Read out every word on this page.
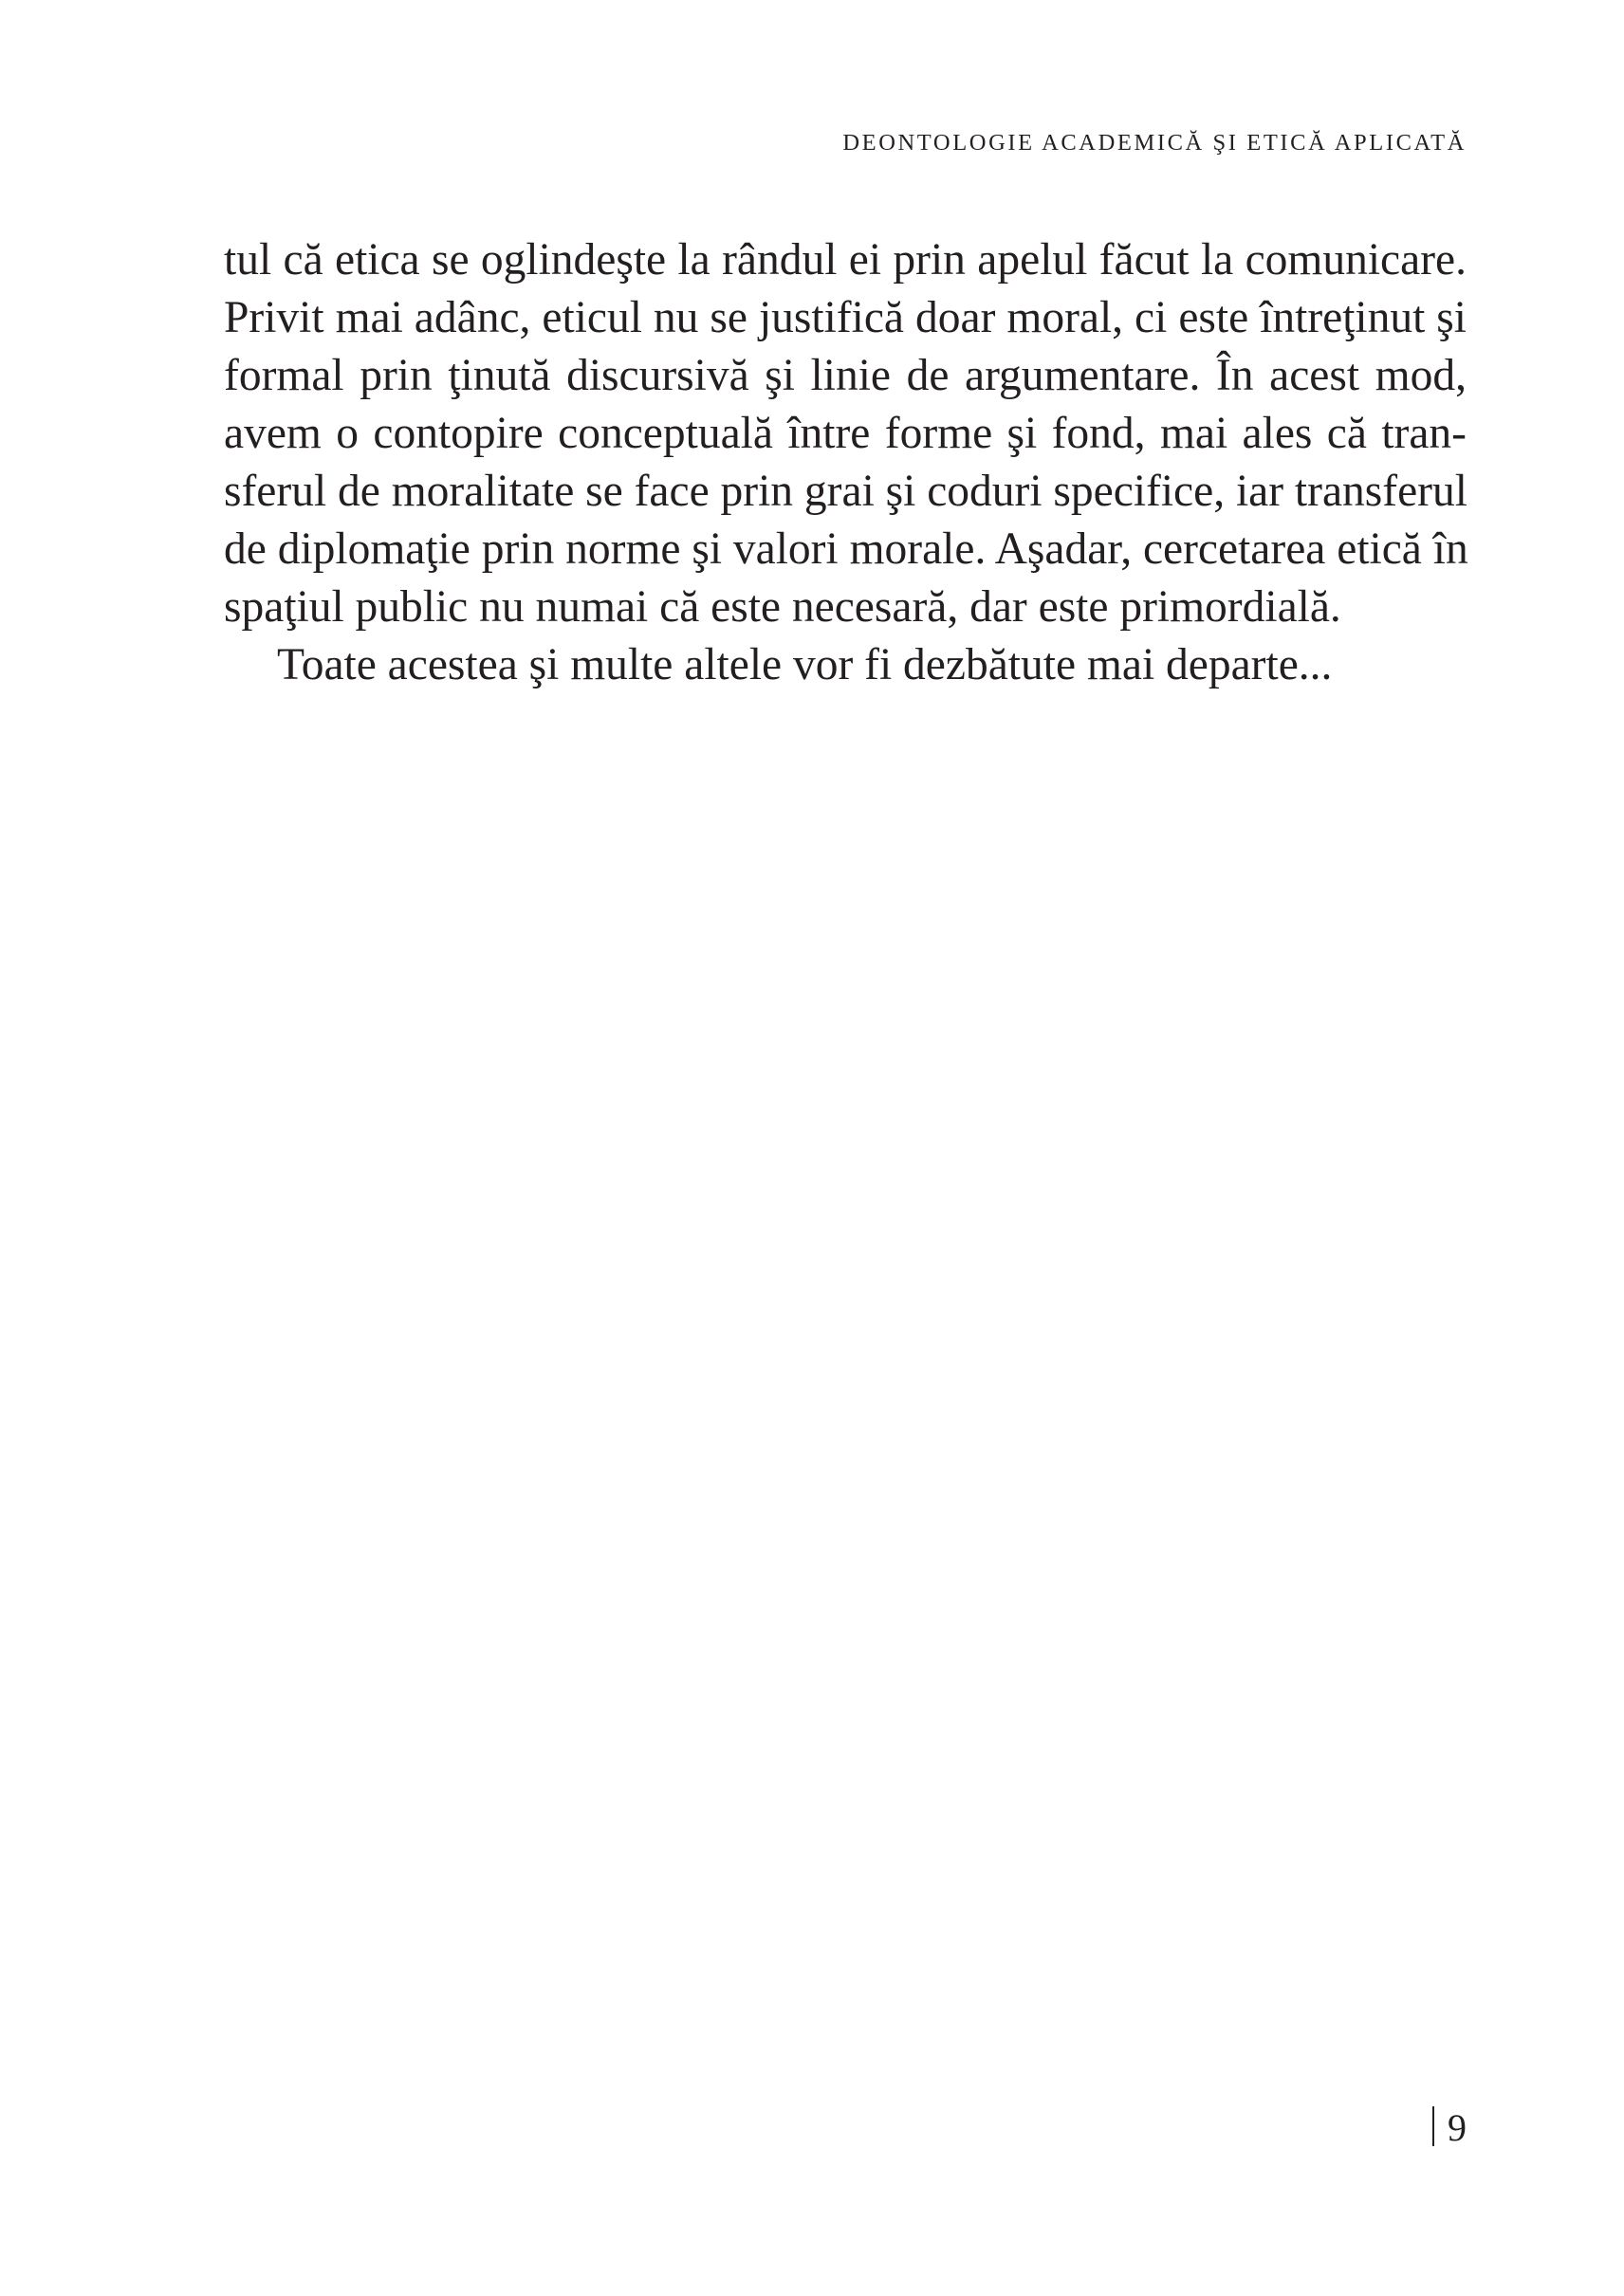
DEONTOLOGIE ACADEMICĂ ŞI ETICĂ APLICATĂ
tul că etica se oglindeşte la rândul ei prin apelul făcut la comunicare.
Privit mai adânc, eticul nu se justifică doar moral, ci este întreţinut şi
formal prin ţinută discursivă şi linie de argumentare. În acest mod,
avem o contopire conceptuală între forme şi fond, mai ales că tran-
sferul de moralitate se face prin grai şi coduri specifice, iar transferul
de diplomaţie prin norme şi valori morale. Aşadar, cercetarea etică în
spaţiul public nu numai că este necesară, dar este primordială.
Toate acestea şi multe altele vor fi dezbătute mai departe...
9
